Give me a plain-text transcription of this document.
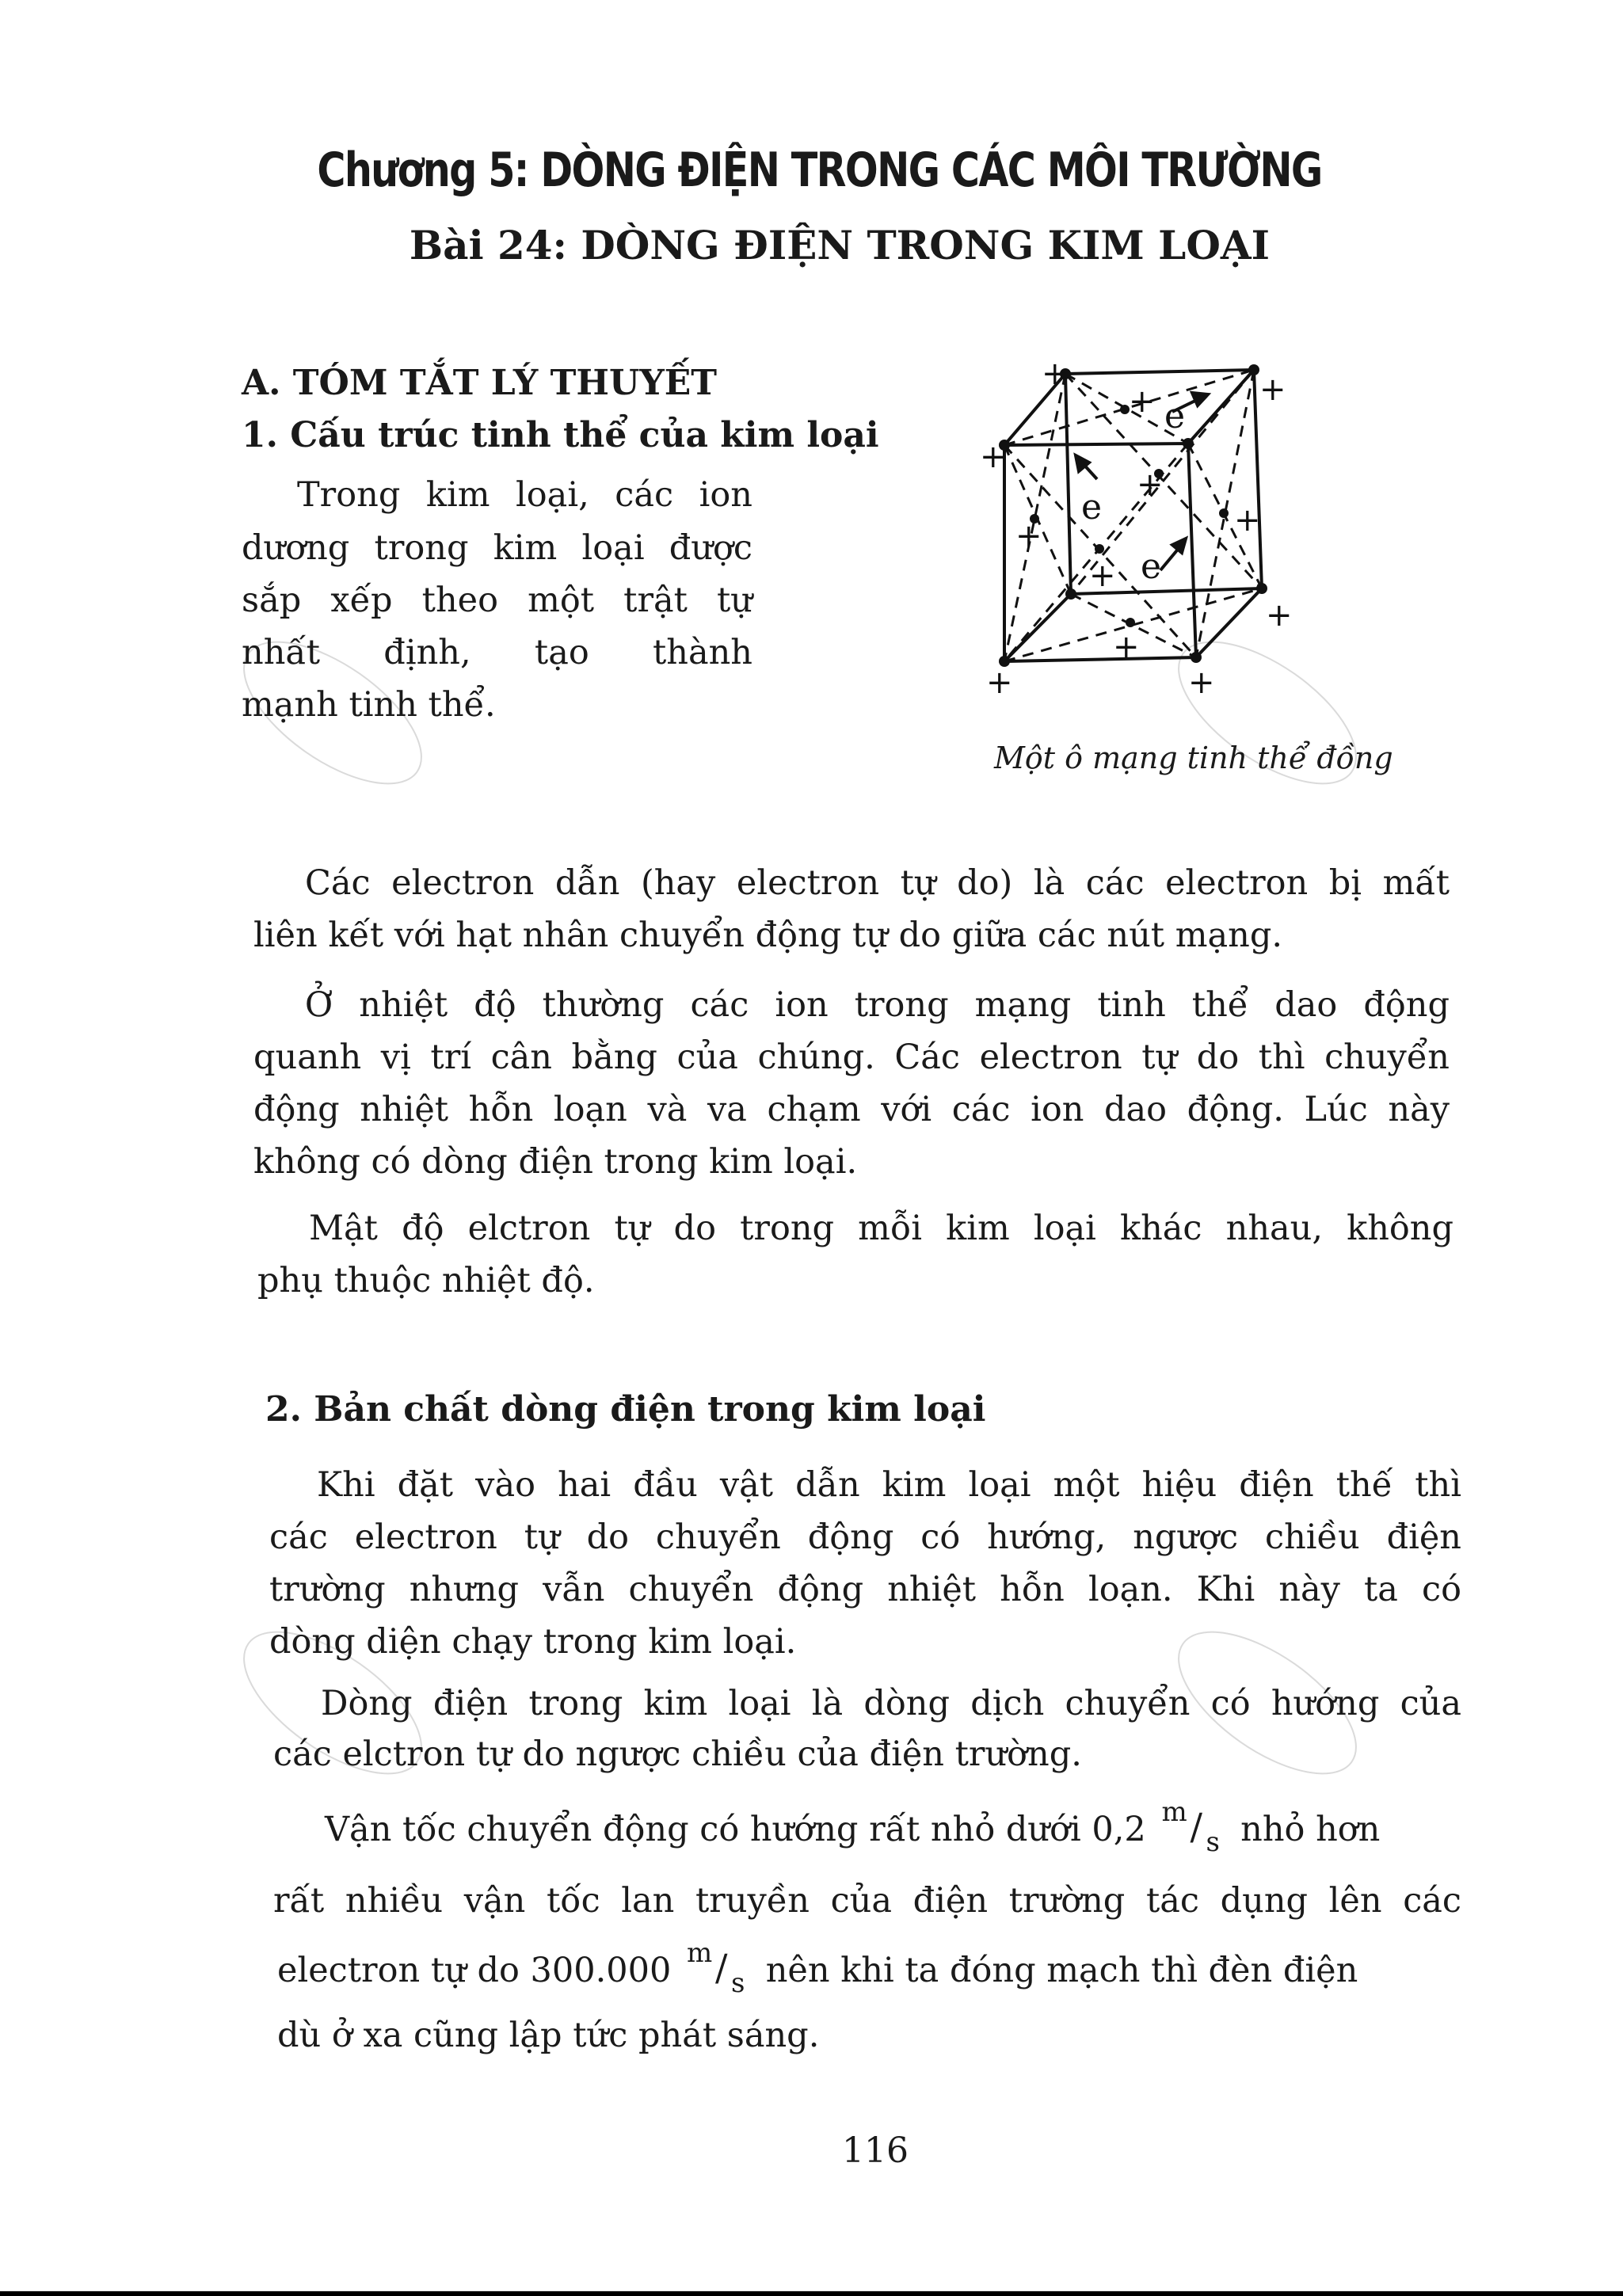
Chương 5: DÒNG ĐIỆN TRONG CÁC MÔI TRƯỜNG
Bài 24: DÒNG ĐIỆN TRONG KIM LOẠI
A. TÓM TẮT LÝ THUYẾT
1. Cấu trúc tinh thể của kim loại
Trong kim loại, các ion
dương trong kim loại được
sắp xếp theo một trật tự
nhất định, tạo thành
mạnh tinh thể.
e
e
e
+	+
+
+	+
+
+
+
+	+
+
+
Một ô mạng tinh thể đồng
Các electron dẫn (hay electron tự do) là các electron bị mất
liên kết với hạt nhân chuyển động tự do giữa các nút mạng.
Ở nhiệt độ thường các ion trong mạng tinh thể dao động
quanh vị trí cân bằng của chúng. Các electron tự do thì chuyển
động nhiệt hỗn loạn và va chạm với các ion dao động. Lúc này
không có dòng điện trong kim loại.
Mật độ elctron tự do trong mỗi kim loại khác nhau, không
phụ thuộc nhiệt độ.
2. Bản chất dòng điện trong kim loại
Khi đặt vào hai đầu vật dẫn kim loại một hiệu điện thế thì
các electron tự do chuyển động có hướng, ngược chiều điện
trường nhưng vẫn chuyển động nhiệt hỗn loạn. Khi này ta có
dòng diện chạy trong kim loại.
Dòng điện trong kim loại là dòng dịch chuyển có hướng của
các elctron tự do ngược chiều của điện trường.
Vận tốc chuyển động có hướng rất nhỏ dưới 0,2 m / s nhỏ hơn
rất nhiều vận tốc lan truyền của điện trường tác dụng lên các
electron tự do 300.000 m / s nên khi ta đóng mạch thì đèn điện
dù ở xa cũng lập tức phát sáng.
116
